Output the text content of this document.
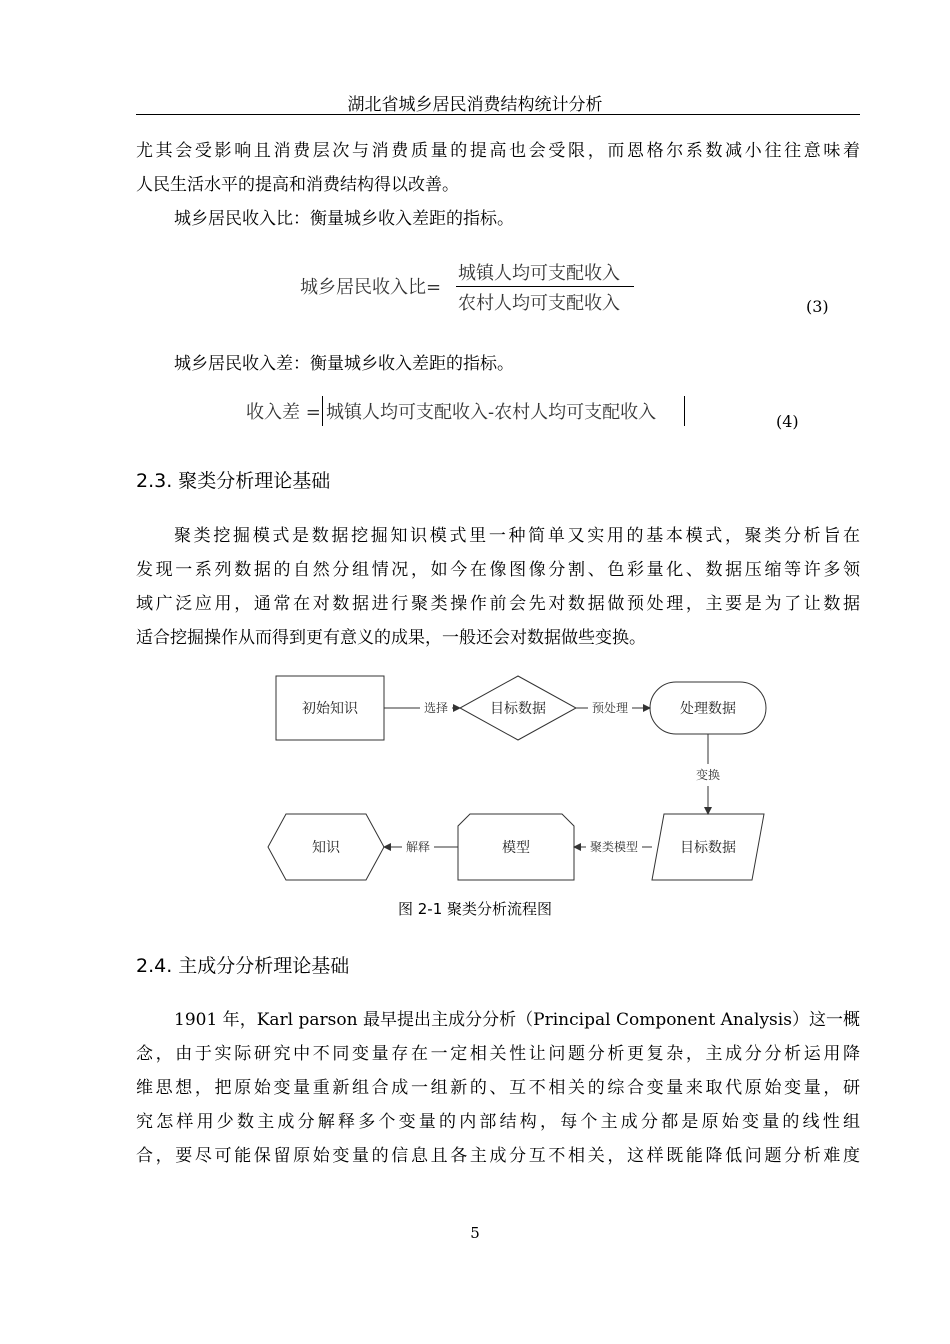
湖北省城乡居民消费结构统计分析
尤其会受影响且消费层次与消费质量的提高也会受限，而恩格尔系数减小往往意味着
人民生活水平的提高和消费结构得以改善。
城乡居民收入比：衡量城乡收入差距的指标。
城乡居民收入比=
城镇人均可支配收入
农村人均可支配收入	(3)
城乡居民收入差：衡量城乡收入差距的指标。
收入差 = 城镇人均可支配收入-农村人均可支配收入	(4)
2.3. 聚类分析理论基础
聚类挖掘模式是数据挖掘知识模式里一种简单又实用的基本模式，聚类分析旨在
发现一系列数据的自然分组情况，如今在像图像分割、色彩量化、数据压缩等许多领
域广泛应用，通常在对数据进行聚类操作前会先对数据做预处理，主要是为了让数据
适合挖掘操作从而得到更有意义的成果，一般还会对数据做些变换。
初始知识	目标数据	处理数据
目标数据
模型
知识
选择	预处理
变换
聚类模型
解释
图 2-1 聚类分析流程图
2.4. 主成分分析理论基础
1901 年，Karl parson 最早提出主成分分析（Principal Component Analysis）这一概
念，由于实际研究中不同变量存在一定相关性让问题分析更复杂，主成分分析运用降
维思想，把原始变量重新组合成一组新的、互不相关的综合变量来取代原始变量，研
究怎样用少数主成分解释多个变量的内部结构，每个主成分都是原始变量的线性组
合，要尽可能保留原始变量的信息且各主成分互不相关，这样既能降低问题分析难度
5
